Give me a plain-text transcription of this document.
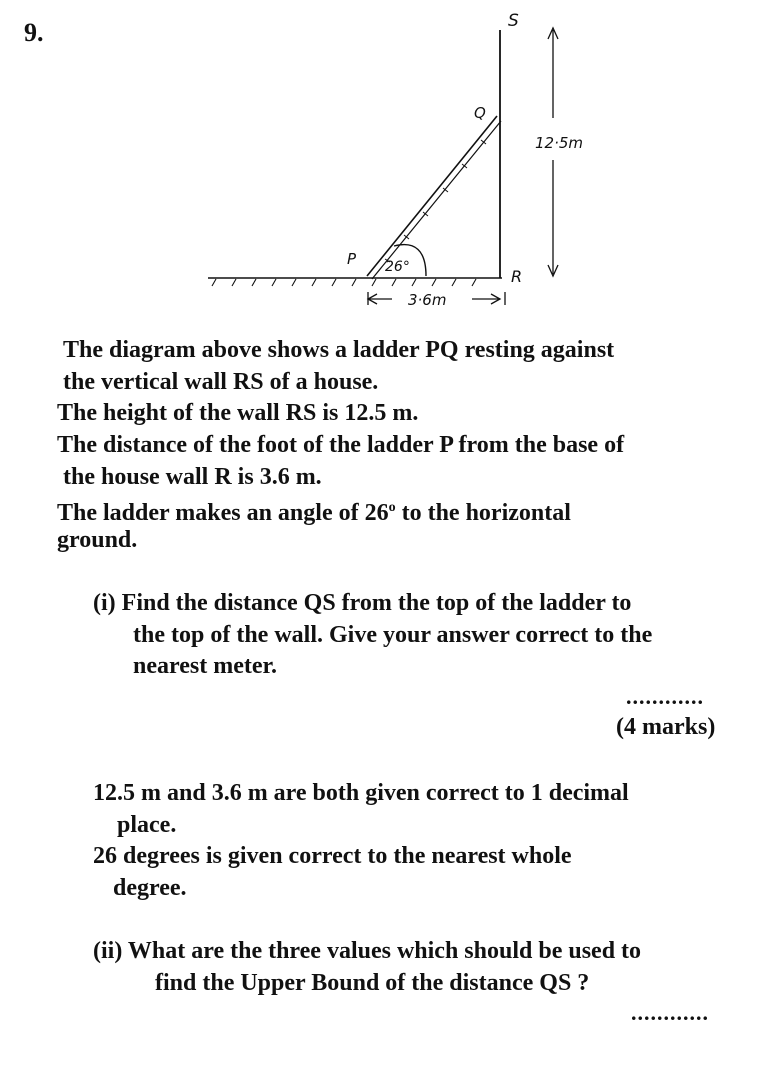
9.	S
Q
P
R
26°
12·5m
3·6m

The diagram above shows a ladder PQ resting against

the vertical wall RS of a house.

The height of the wall RS is 12.5 m.

The distance of the foot of the ladder P from the base of

the house wall R is 3.6 m.

The ladder makes an angle of 26$^o$ to the horizontal

ground.

(i) Find the distance QS from the top of the ladder to

the top of the wall. Give your answer correct to the

nearest meter.

............
(4 marks)

12.5 m and 3.6 m are both given correct to 1 decimal

place.

26 degrees is given correct to the nearest whole

degree.

(ii) What are the three values which should be used to

find the Upper Bound of the distance QS ?

............
